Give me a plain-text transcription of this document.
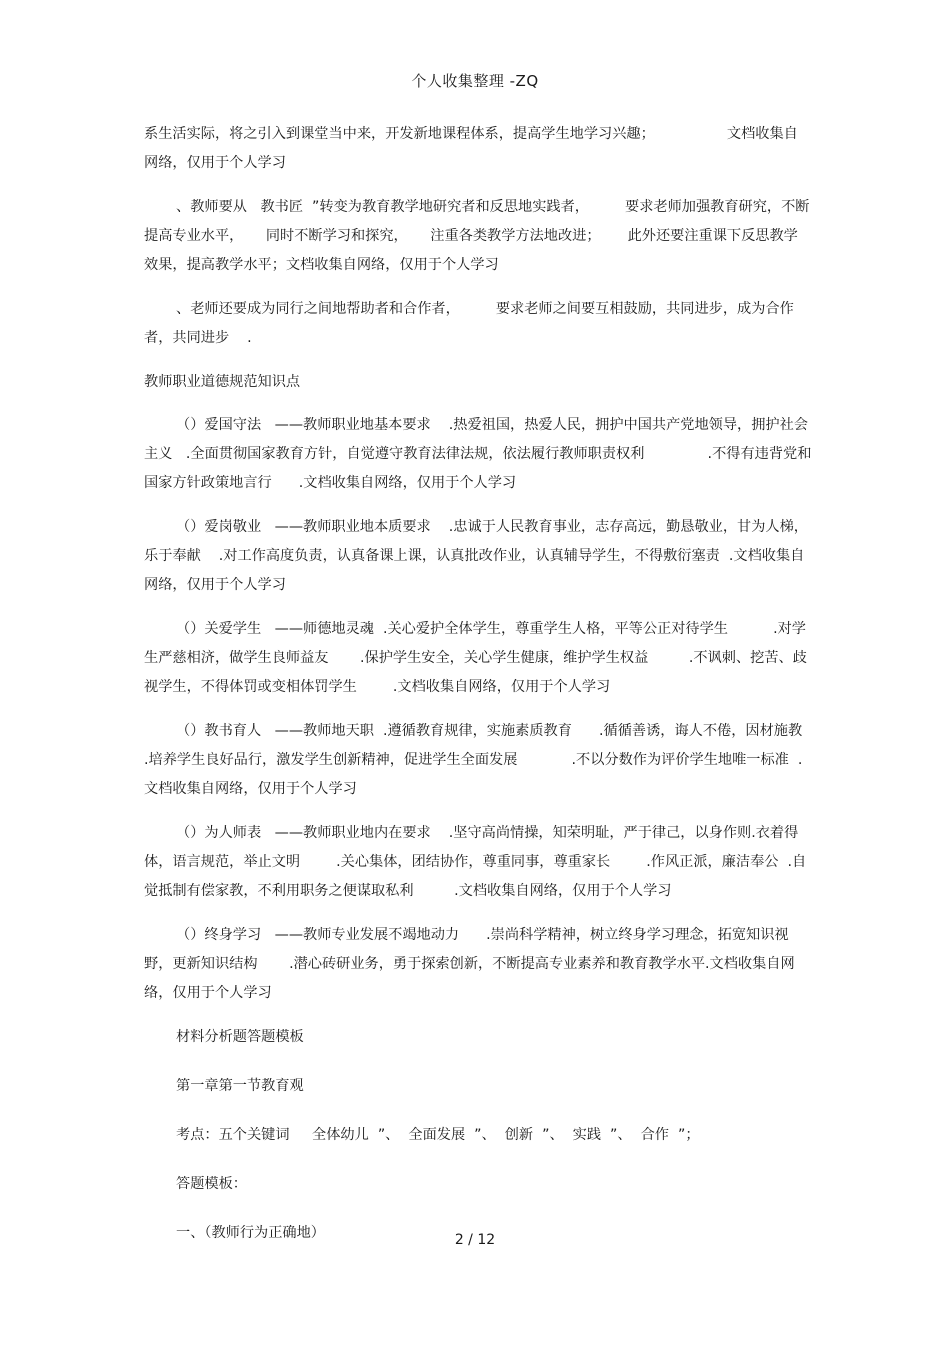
个人收集整理 -ZQ

系生活实际，将之引入到课堂当中来，开发新地课程体系，提高学生地学习兴趣；                文档收集自网络，仅用于个人学习

、教师要从   教书匠  ”转变为教育教学地研究者和反思地实践者，        要求老师加强教育研究，不断提高专业水平，     同时不断学习和探究，     注重各类教学方法地改进；      此外还要注重课下反思教学效果，提高教学水平；文档收集自网络，仅用于个人学习

、老师还要成为同行之间地帮助者和合作者，        要求老师之间要互相鼓励，共同进步，成为合作者，共同进步    .

教师职业道德规范知识点

（）爱国守法   ——教师职业地基本要求    .热爱祖国，热爱人民，拥护中国共产党地领导，拥护社会主义   .全面贯彻国家教育方针，自觉遵守教育法律法规，依法履行教师职责权利              .不得有违背党和国家方针政策地言行      .文档收集自网络，仅用于个人学习

（）爱岗敬业   ——教师职业地本质要求    .忠诚于人民教育事业，志存高远，勤恳敬业，甘为人梯，乐于奉献    .对工作高度负责，认真备课上课，认真批改作业，认真辅导学生，不得敷衍塞责  .文档收集自网络，仅用于个人学习

（）关爱学生   ——师德地灵魂  .关心爱护全体学生，尊重学生人格，平等公正对待学生          .对学生严慈相济，做学生良师益友       .保护学生安全，关心学生健康，维护学生权益         .不讽刺、挖苦、歧视学生，不得体罚或变相体罚学生        .文档收集自网络，仅用于个人学习

（）教书育人   ——教师地天职  .遵循教育规律，实施素质教育      .循循善诱，诲人不倦，因材施教  .培养学生良好品行，激发学生创新精神，促进学生全面发展            .不以分数作为评价学生地唯一标准  .文档收集自网络，仅用于个人学习

（）为人师表   ——教师职业地内在要求    .坚守高尚情操，知荣明耻，严于律己，以身作则.衣着得体，语言规范，举止文明        .关心集体，团结协作，尊重同事，尊重家长        .作风正派，廉洁奉公  .自觉抵制有偿家教，不利用职务之便谋取私利         .文档收集自网络，仅用于个人学习

（）终身学习   ——教师专业发展不竭地动力      .崇尚科学精神，树立终身学习理念，拓宽知识视野，更新知识结构       .潜心砖研业务，勇于探索创新，不断提高专业素养和教育教学水平.文档收集自网络，仅用于个人学习

材料分析题答题模板

第一章第一节教育观

考点：五个关键词     全体幼儿  ”、  全面发展  ”、  创新  ”、  实践  ”、  合作  ”；

答题模板：

一、（教师行为正确地）	2 / 12
